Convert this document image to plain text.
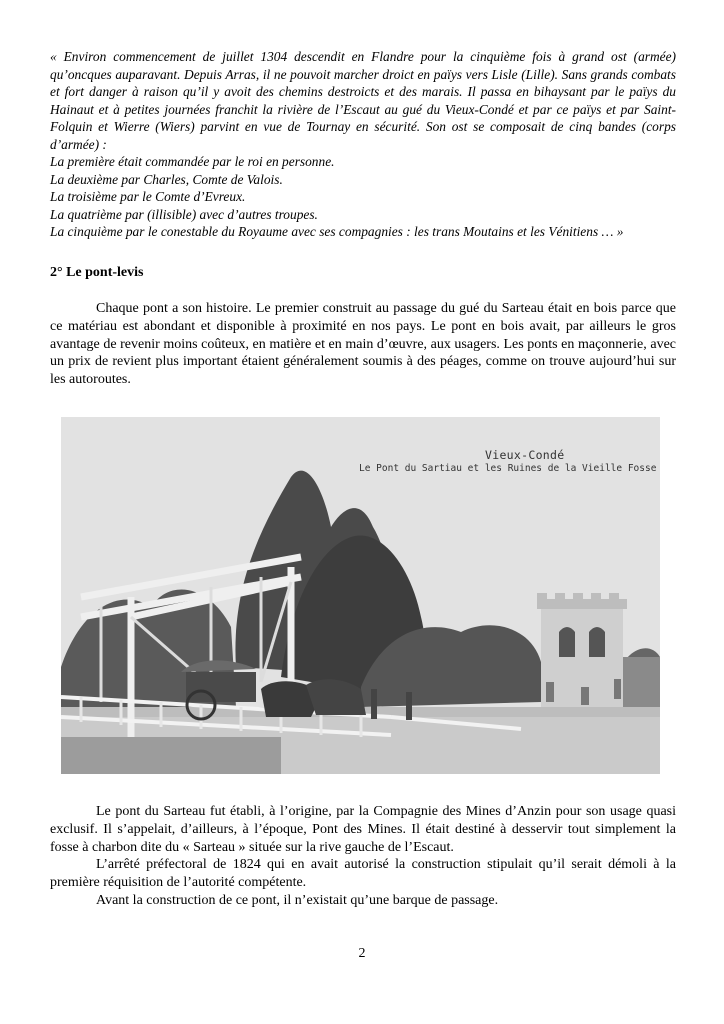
« Environ commencement de juillet 1304 descendit en Flandre pour la cinquième fois à grand ost (armée) qu’oncques auparavant. Depuis Arras, il ne pouvoit marcher droict en païys vers Lisle (Lille). Sans grands combats et fort danger à raison qu’il y avoit des chemins destroicts et des marais. Il passa en bihaysant par le païys du Hainaut et à petites journées franchit la rivière de l’Escaut au gué du Vieux-Condé et par ce païys et par Saint-Folquin et Wierre (Wiers) parvint en vue de Tournay en sécurité. Son ost se composait de cinq bandes (corps d’armée) :

La première était commandée par le roi en personne.

La deuxième par Charles, Comte de Valois.

La troisième par le Comte d’Evreux.

La quatrième par (illisible) avec d’autres troupes.

La cinquième par le conestable du Royaume avec ses compagnies : les trans Moutains et les Vénitiens … »

2° Le pont-levis

Chaque pont a son histoire. Le premier construit au passage du gué du Sarteau était en bois parce que ce matériau est abondant et disponible à proximité en nos pays. Le pont en bois avait, par ailleurs le gros avantage de revenir moins coûteux, en matière et en main d’œuvre, aux usagers. Les ponts en maçonnerie, avec un prix de revient plus important étaient généralement soumis à des péages, comme on trouve aujourd’hui sur les autoroutes.

Vieux-Condé
Le Pont du Sartiau et les Ruines de la Vieille Fosse

Le pont du Sarteau fut établi, à l’origine, par la Compagnie des Mines d’Anzin pour son usage quasi exclusif. Il s’appelait, d’ailleurs, à l’époque, Pont des Mines. Il était destiné à desservir tout simplement la fosse à charbon dite du « Sarteau » située sur la rive gauche de l’Escaut.

L’arrêté préfectoral de 1824 qui en avait autorisé la construction stipulait qu’il serait démoli à la première réquisition de l’autorité compétente.

Avant la construction de ce pont, il n’existait qu’une barque de passage.

2
